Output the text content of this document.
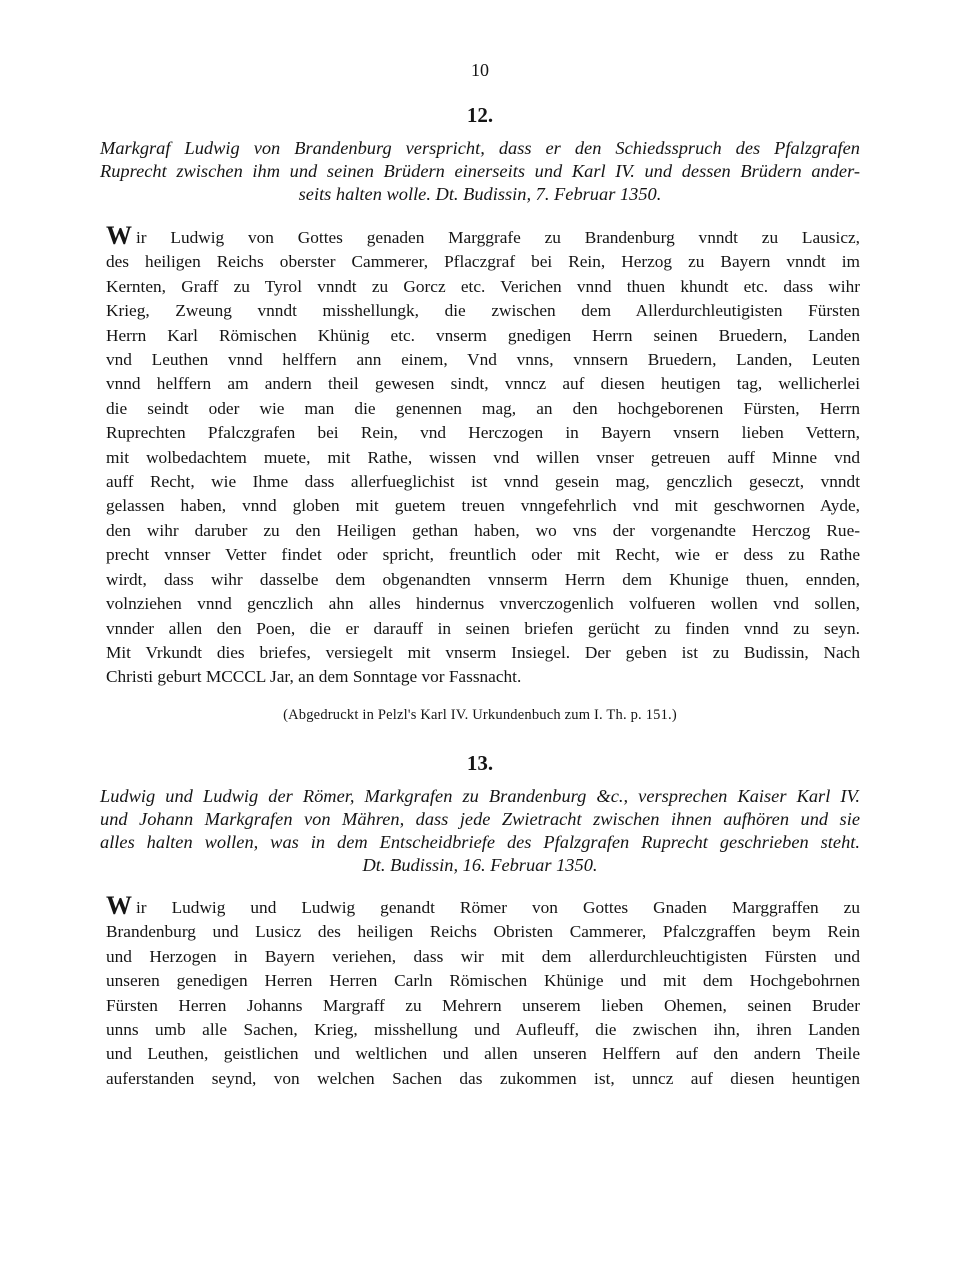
10
12.
Markgraf Ludwig von Brandenburg verspricht, dass er den Schiedsspruch des Pfalzgrafen
Ruprecht zwischen ihm und seinen Brüdern einerseits und Karl IV. und dessen Brüdern ander-
seits halten wolle. Dt. Budissin, 7. Februar 1350.
W ir Ludwig von Gottes genaden Marggrafe zu Brandenburg vnndt zu Lausicz,
des heiligen Reichs oberster Cammerer, Pflaczgraf bei Rein, Herzog zu Bayern vnndt im
Kernten, Graff zu Tyrol vnndt zu Gorcz etc. Verichen vnnd thuen khundt etc. dass wihr
Krieg, Zweung vnndt misshellungk, die zwischen dem Allerdurchleutigisten Fürsten
Herrn Karl Römischen Khünig etc. vnserm gnedigen Herrn seinen Bruedern, Landen
vnd Leuthen vnnd helffern ann einem, Vnd vnns, vnnsern Bruedern, Landen, Leuten
vnnd helffern am andern theil gewesen sindt, vnncz auf diesen heutigen tag, wellicherlei
die seindt oder wie man die genennen mag, an den hochgeborenen Fürsten, Herrn
Ruprechten Pfalczgrafen bei Rein, vnd Herczogen in Bayern vnsern lieben Vettern,
mit wolbedachtem muete, mit Rathe, wissen vnd willen vnser getreuen auff Minne vnd
auff Recht, wie Ihme dass allerfueglichist ist vnnd gesein mag, genczlich geseczt, vnndt
gelassen haben, vnnd globen mit guetem treuen vnngefehrlich vnd mit geschwornen Ayde,
den wihr daruber zu den Heiligen gethan haben, wo vns der vorgenandte Herczog Rue-
precht vnnser Vetter findet oder spricht, freuntlich oder mit Recht, wie er dess zu Rathe
wirdt, dass wihr dasselbe dem obgenandten vnnserm Herrn dem Khunige thuen, ennden,
volnziehen vnnd genczlich ahn alles hindernus vnverczogenlich volfueren wollen vnd sollen,
vnnder allen den Poen, die er darauff in seinen briefen gerücht zu finden vnnd zu seyn.
Mit Vrkundt dies briefes, versiegelt mit vnserm Insiegel. Der geben ist zu Budissin, Nach
Christi geburt MCCCL Jar, an dem Sonntage vor Fassnacht.
(Abgedruckt in Pelzl's Karl IV. Urkundenbuch zum I. Th. p. 151.)
13.
Ludwig und Ludwig der Römer, Markgrafen zu Brandenburg &c., versprechen Kaiser Karl IV.
und Johann Markgrafen von Mähren, dass jede Zwietracht zwischen ihnen aufhören und sie
alles halten wollen, was in dem Entscheidbriefe des Pfalzgrafen Ruprecht geschrieben steht.
Dt. Budissin, 16. Februar 1350.
W ir Ludwig und Ludwig genandt Römer von Gottes Gnaden Marggraffen zu
Brandenburg und Lusicz des heiligen Reichs Obristen Cammerer, Pfalczgraffen beym Rein
und Herzogen in Bayern veriehen, dass wir mit dem allerdurchleuchtigisten Fürsten und
unseren genedigen Herren Herren Carln Römischen Khünige und mit dem Hochgebohrnen
Fürsten Herren Johanns Margraff zu Mehrern unserem lieben Ohemen, seinen Bruder
unns umb alle Sachen, Krieg, misshellung und Aufleuff, die zwischen ihn, ihren Landen
und Leuthen, geistlichen und weltlichen und allen unseren Helffern auf den andern Theile
auferstanden seynd, von welchen Sachen das zukommen ist, unncz auf diesen heuntigen
